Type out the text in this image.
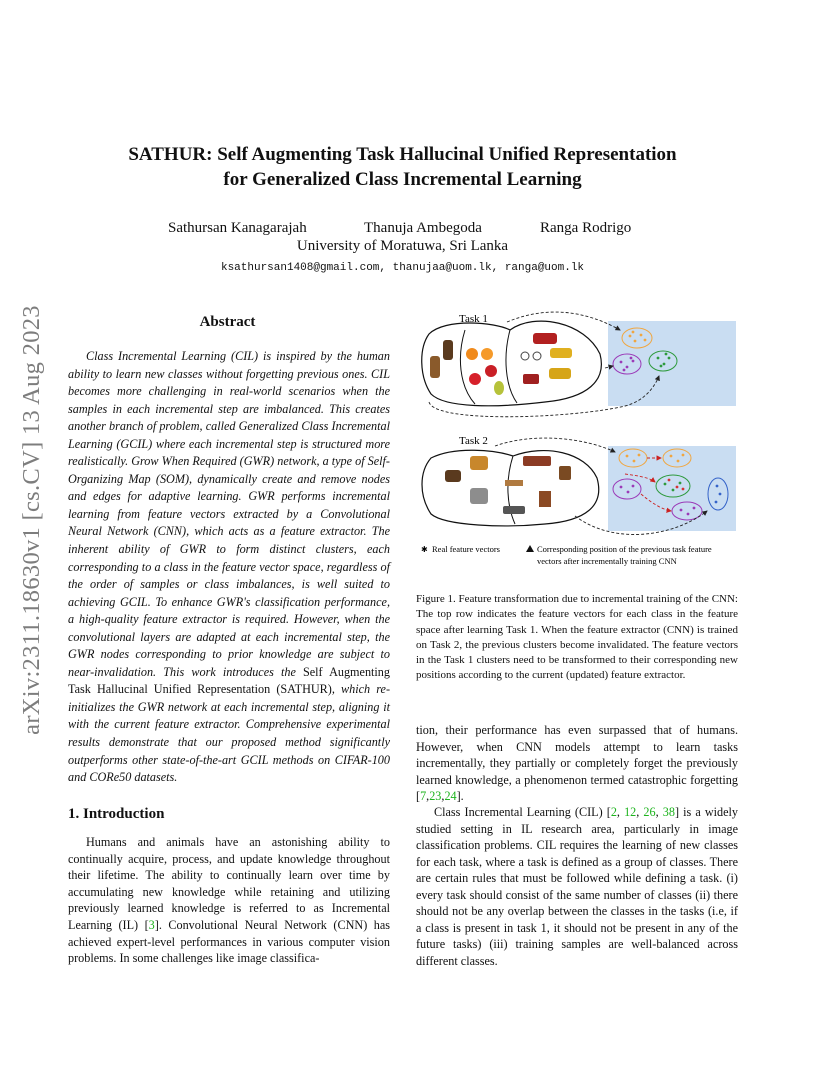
arXiv:2311.18630v1 [cs.CV] 13 Aug 2023
SATHUR: Self Augmenting Task Hallucinal Unified Representation
for Generalized Class Incremental Learning
Sathursan Kanagarajah	Thanuja Ambegoda	Ranga Rodrigo
University of Moratuwa, Sri Lanka
ksathursan1408@gmail.com, thanujaa@uom.lk, ranga@uom.lk
Abstract

Class Incremental Learning (CIL) is inspired by the human ability to learn new classes without forgetting previous ones. CIL becomes more challenging in real-world scenarios when the samples in each incremental step are imbalanced. This creates another branch of problem, called Generalized Class Incremental Learning (GCIL) where each incremental step is structured more realistically. Grow When Required (GWR) network, a type of Self-Organizing Map (SOM), dynamically create and remove nodes and edges for adaptive learning. GWR performs incremental learning from feature vectors extracted by a Convolutional Neural Network (CNN), which acts as a feature extractor. The inherent ability of GWR to form distinct clusters, each corresponding to a class in the feature vector space, regardless of the order of samples or class imbalances, is well suited to achieving GCIL. To enhance GWR's classification performance, a high-quality feature extractor is required. However, when the convolutional layers are adapted at each incremental step, the GWR nodes corresponding to prior knowledge are subject to near-invalidation. This work introduces the Self Augmenting Task Hallucinal Unified Representation (SATHUR), which re-initializes the GWR network at each incremental step, aligning it with the current feature extractor. Comprehensive experimental results demonstrate that our proposed method significantly outperforms other state-of-the-art GCIL methods on CIFAR-100 and CORe50 datasets.

1. Introduction

Humans and animals have an astonishing ability to continually acquire, process, and update knowledge throughout their lifetime. The ability to continually learn over time by accumulating new knowledge while retaining and utilizing previously learned knowledge is referred to as Incremental Learning (IL) [3]. Convolutional Neural Network (CNN) has achieved expert-level performances in various computer vision problems. In some challenges like image classifica-

Task 1
Task 2
✱ Real feature vectors	Corresponding position of the previous task feature
vectors after incrementally training CNN

Figure 1. Feature transformation due to incremental training of the CNN: The top row indicates the feature vectors for each class in the feature space after learning Task 1. When the feature extractor (CNN) is trained on Task 2, the previous clusters become invalidated. The feature vectors in the Task 1 clusters need to be transformed to their corresponding new positions according to the current (updated) feature extractor.

tion, their performance has even surpassed that of humans. However, when CNN models attempt to learn tasks incrementally, they partially or completely forget the previously learned knowledge, a phenomenon termed catastrophic forgetting [7,23,24].

Class Incremental Learning (CIL) [2, 12, 26, 38] is a widely studied setting in IL research area, particularly in image classification problems. CIL requires the learning of new classes for each task, where a task is defined as a group of classes. There are certain rules that must be followed while defining a task. (i) every task should consist of the same number of classes (ii) there should not be any overlap between the classes in the tasks (i.e, if a class is present in task 1, it should not be present in any of the future tasks) (iii) training samples are well-balanced across different classes.
